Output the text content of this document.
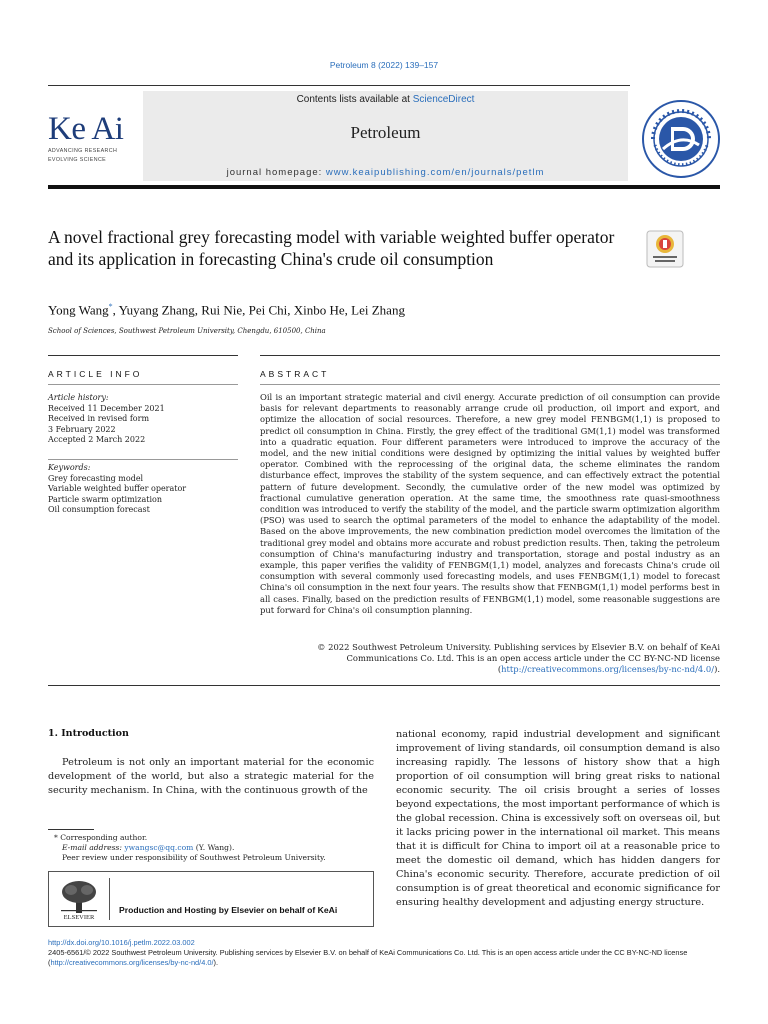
Petroleum 8 (2022) 139–157
Ke Ai
ADVANCING RESEARCH
EVOLVING SCIENCE
Contents lists available at ScienceDirect
Petroleum
journal homepage: www.keaipublishing.com/en/journals/petlm
A novel fractional grey forecasting model with variable weighted buffer operator and its application in forecasting China's crude oil consumption
Yong Wang*, Yuyang Zhang, Rui Nie, Pei Chi, Xinbo He, Lei Zhang
School of Sciences, Southwest Petroleum University, Chengdu, 610500, China
ARTICLE INFO	ABSTRACT
Article history:
Received 11 December 2021
Received in revised form
3 February 2022
Accepted 2 March 2022
Keywords:
Grey forecasting model
Variable weighted buffer operator
Particle swarm optimization
Oil consumption forecast
Oil is an important strategic material and civil energy. Accurate prediction of oil consumption can provide basis for relevant departments to reasonably arrange crude oil production, oil import and export, and optimize the allocation of social resources. Therefore, a new grey model FENBGM(1,1) is proposed to predict oil consumption in China. Firstly, the grey effect of the traditional GM(1,1) model was transformed into a quadratic equation. Four different parameters were introduced to improve the accuracy of the model, and the new initial conditions were designed by optimizing the initial values by weighted buffer operator. Combined with the reprocessing of the original data, the scheme eliminates the random disturbance effect, improves the stability of the system sequence, and can effectively extract the potential pattern of future development. Secondly, the cumulative order of the new model was optimized by fractional cumulative generation operation. At the same time, the smoothness rate quasi-smoothness condition was introduced to verify the stability of the model, and the particle swarm optimization algorithm (PSO) was used to search the optimal parameters of the model to enhance the adaptability of the model. Based on the above improvements, the new combination prediction model overcomes the limitation of the traditional grey model and obtains more accurate and robust prediction results. Then, taking the petroleum consumption of China's manufacturing industry and transportation, storage and postal industry as an example, this paper verifies the validity of FENBGM(1,1) model, analyzes and forecasts China's crude oil consumption with several commonly used forecasting models, and uses FENBGM(1,1) model to forecast China's oil consumption in the next four years. The results show that FENBGM(1,1) model performs best in all cases. Finally, based on the prediction results of FENBGM(1,1) model, some reasonable suggestions are put forward for China's oil consumption planning.
© 2022 Southwest Petroleum University. Publishing services by Elsevier B.V. on behalf of KeAi Communications Co. Ltd. This is an open access article under the CC BY-NC-ND license (http://creativecommons.org/licenses/by-nc-nd/4.0/).
1. Introduction
Petroleum is not only an important material for the economic development of the world, but also a strategic material for the security mechanism. In China, with the continuous growth of the
national economy, rapid industrial development and significant improvement of living standards, oil consumption demand is also increasing rapidly. The lessons of history show that a high proportion of oil consumption will bring great risks to national economic security. The oil crisis brought a series of losses beyond expectations, the most important performance of which is the global recession. China is excessively soft on overseas oil, but it lacks pricing power in the international oil market. This means that it is difficult for China to import oil at a reasonable price to meet the domestic oil demand, which has hidden dangers for China's economic security. Therefore, accurate prediction of oil consumption is of great theoretical and economic significance for ensuring healthy development and adjusting energy structure.
* Corresponding author.
E-mail address: ywangsc@qq.com (Y. Wang).
Peer review under responsibility of Southwest Petroleum University.
ELSEVIER
Production and Hosting by Elsevier on behalf of KeAi
http://dx.doi.org/10.1016/j.petlm.2022.03.002
2405-6561/© 2022 Southwest Petroleum University. Publishing services by Elsevier B.V. on behalf of KeAi Communications Co. Ltd. This is an open access article under the CC BY-NC-ND license (http://creativecommons.org/licenses/by-nc-nd/4.0/).
